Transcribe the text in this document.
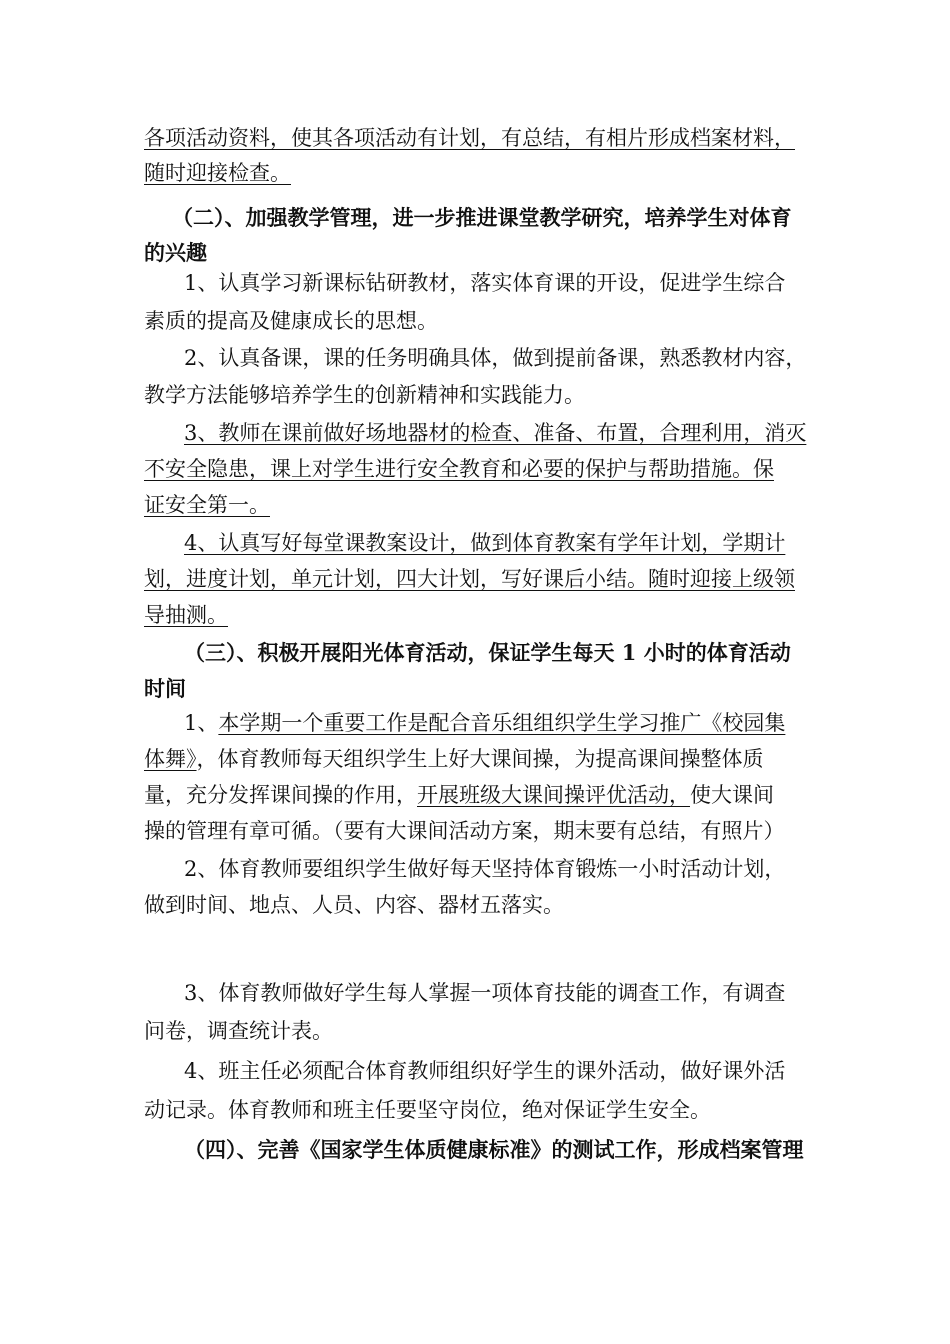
各项活动资料，使其各项活动有计划，有总结，有相片形成档案材料，
随时迎接检查。
（二）、加强教学管理，进一步推进课堂教学研究，培养学生对体育
的兴趣
1、认真学习新课标钻研教材，落实体育课的开设，促进学生综合
素质的提高及健康成长的思想。
2、认真备课，课的任务明确具体，做到提前备课，熟悉教材内容，
教学方法能够培养学生的创新精神和实践能力。
3、教师在课前做好场地器材的检查、准备、布置，合理利用，消灭
不安全隐患，课上对学生进行安全教育和必要的保护与帮助措施。保
证安全第一。
4、认真写好每堂课教案设计，做到体育教案有学年计划，学期计
划，进度计划，单元计划，四大计划，写好课后小结。随时迎接上级领
导抽测。
（三）、积极开展阳光体育活动，保证学生每天 1 小时的体育活动
时间
1、本学期一个重要工作是配合音乐组组织学生学习推广《校园集
体舞》，体育教师每天组织学生上好大课间操，为提高课间操整体质
量，充分发挥课间操的作用，开展班级大课间操评优活动，使大课间
操的管理有章可循。（要有大课间活动方案，期末要有总结，有照片）
2、体育教师要组织学生做好每天坚持体育锻炼一小时活动计划，
做到时间、地点、人员、内容、器材五落实。
3、体育教师做好学生每人掌握一项体育技能的调查工作，有调查
问卷，调查统计表。
4、班主任必须配合体育教师组织好学生的课外活动，做好课外活
动记录。体育教师和班主任要坚守岗位，绝对保证学生安全。
（四）、完善《国家学生体质健康标准》的测试工作，形成档案管理
